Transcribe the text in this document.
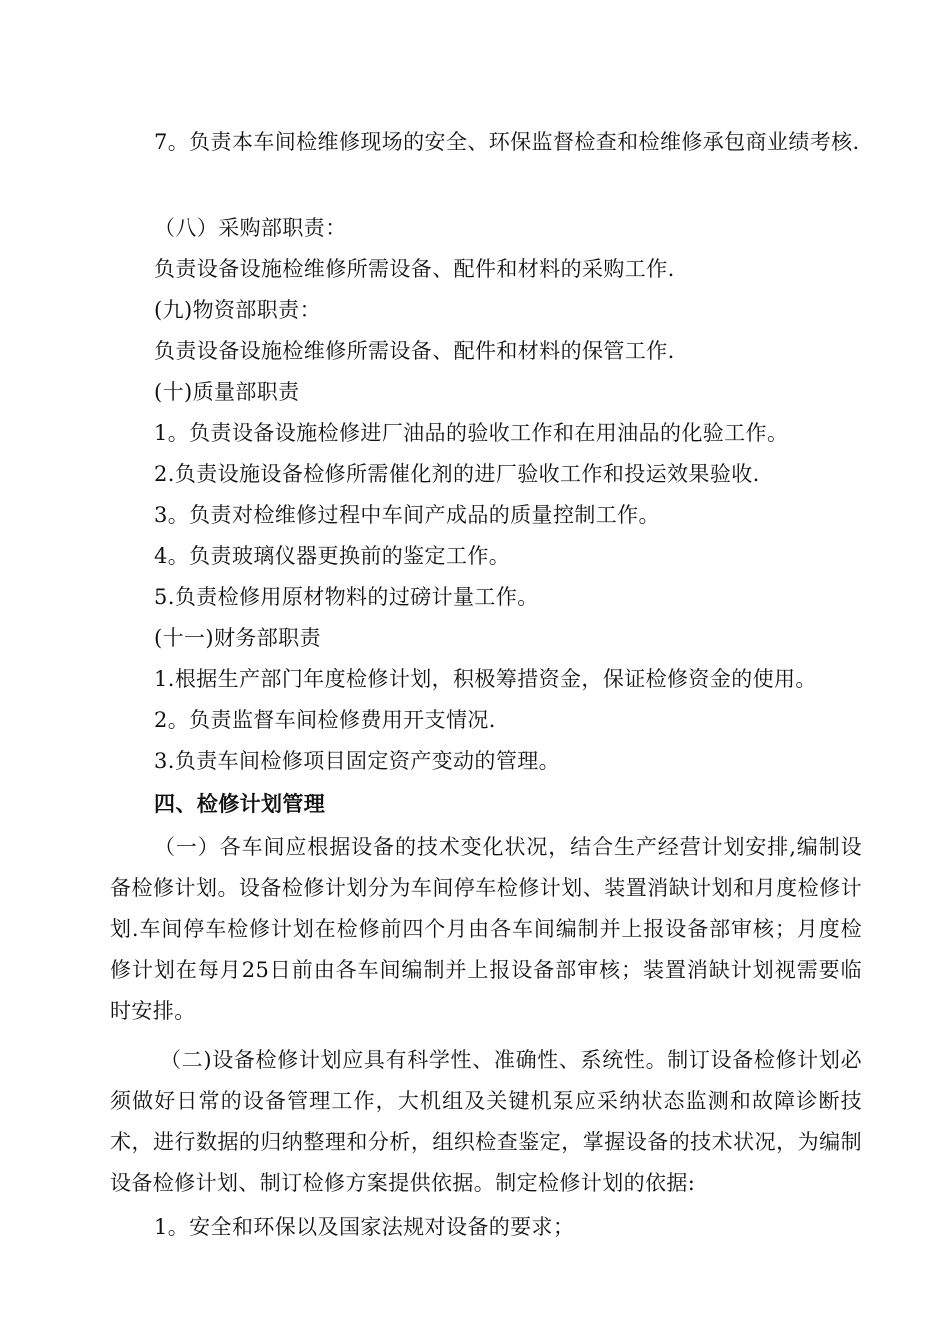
7。负责本车间检维修现场的安全、环保监督检查和检维修承包商业绩考核.

（八）采购部职责：

负责设备设施检维修所需设备、配件和材料的采购工作.

(九)物资部职责：

负责设备设施检维修所需设备、配件和材料的保管工作.

(十)质量部职责

1。负责设备设施检修进厂油品的验收工作和在用油品的化验工作。

2.负责设施设备检修所需催化剂的进厂验收工作和投运效果验收.

3。负责对检维修过程中车间产成品的质量控制工作。

4。负责玻璃仪器更换前的鉴定工作。

5.负责检修用原材物料的过磅计量工作。

(十一)财务部职责

1.根据生产部门年度检修计划，积极筹措资金，保证检修资金的使用。

2。负责监督车间检修费用开支情况.

3.负责车间检修项目固定资产变动的管理。

四、检修计划管理

（一）各车间应根据设备的技术变化状况，结合生产经营计划安排,编制设备检修计划。设备检修计划分为车间停车检修计划、装置消缺计划和月度检修计划.车间停车检修计划在检修前四个月由各车间编制并上报设备部审核；月度检修计划在每月25日前由各车间编制并上报设备部审核；装置消缺计划视需要临时安排。

（二)设备检修计划应具有科学性、准确性、系统性。制订设备检修计划必须做好日常的设备管理工作，大机组及关键机泵应采纳状态监测和故障诊断技术，进行数据的归纳整理和分析，组织检查鉴定，掌握设备的技术状况，为编制设备检修计划、制订检修方案提供依据。制定检修计划的依据:

1。安全和环保以及国家法规对设备的要求；
